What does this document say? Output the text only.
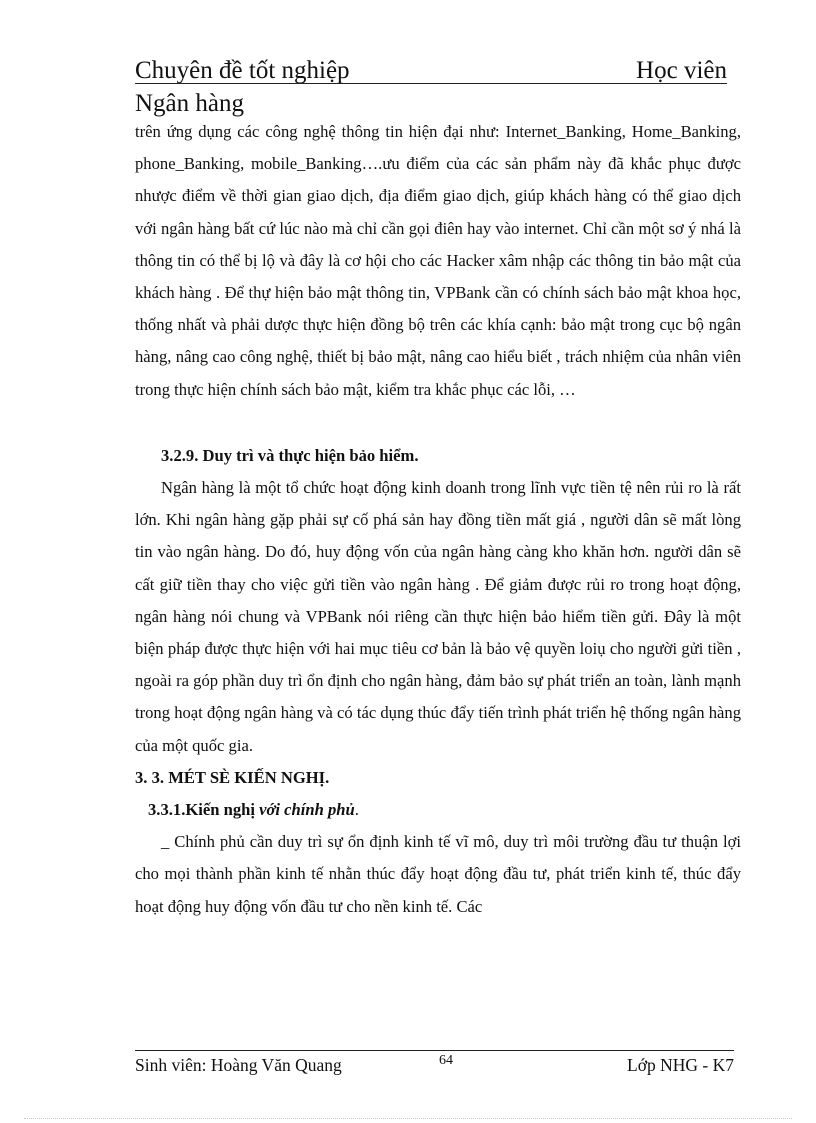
Chuyên đề tốt nghiệp	Học viên
Ngân hàng

trên ứng dụng các công nghệ thông tin hiện đại như: Internet_Banking, Home_Banking, phone_Banking, mobile_Banking….ưu điểm của các sản phẩm này đã khắc phục được nhược điểm về thời gian giao dịch, địa điểm giao dịch, giúp khách hàng có thể giao dịch với ngân hàng bất cứ lúc nào mà chỉ cần gọi điên hay vào internet. Chỉ cần một sơ ý nhá là thông tin có thể bị lộ và đây là cơ hội cho các Hacker xâm nhập các thông tin bảo mật của khách hàng . Để thự hiện bảo mật thông tin, VPBank cần có chính sách bảo mật khoa học, thống nhất và phải dược thực hiện đồng bộ trên các khía cạnh: bảo mật trong cục bộ ngân hàng, nâng cao công nghệ, thiết bị bảo mật, nâng cao hiểu biết , trách nhiệm của nhân viên trong thực hiện chính sách bảo mật, kiểm tra khắc phục các lỗi, …

3.2.9. Duy trì và thực hiện bảo hiểm.

Ngân hàng là một tổ chức hoạt động kinh doanh trong lĩnh vực tiền tệ nên rủi ro là rất lớn. Khi ngân hàng gặp phải sự cố phá sản hay đồng tiền mất giá , người dân sẽ mất lòng tin vào ngân hàng. Do đó, huy động vốn của ngân hàng càng kho khăn hơn. người dân sẽ cất giữ tiền thay cho việc gửi tiền vào ngân hàng . Để giảm được rủi ro trong hoạt động, ngân hàng nói chung và VPBank nói riêng cần thực hiện bảo hiểm tiền gửi. Đây là một biện pháp được thực hiện với hai mục tiêu cơ bản là bảo vệ quyền loiụ cho người gửi tiền , ngoài ra góp phần duy trì ổn định cho ngân hàng, đảm bảo sự phát triển an toàn, lành mạnh trong hoạt động ngân hàng và có tác dụng thúc đẩy tiến trình phát triển hệ thống ngân hàng của một quốc gia.

3. 3. MÉT SÈ KIẾN NGHỊ.

3.3.1.Kiến nghị với chính phủ.

_ Chính phủ cần duy trì sự ổn định kinh tế vĩ mô, duy trì môi trường đầu tư thuận lợi cho mọi thành phần kinh tế nhằn thúc đẩy hoạt động đầu tư, phát triển kinh tế, thúc đẩy hoạt động huy động vốn đầu tư cho nền kinh tế. Các

Sinh viên: Hoàng Văn Quang	64	Lớp NHG - K7
